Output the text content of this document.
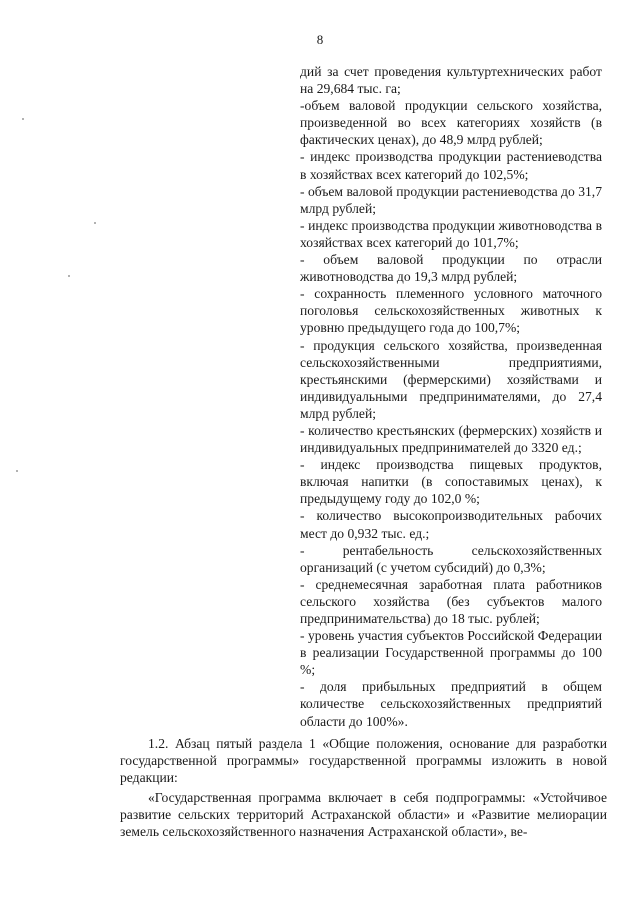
8

дий за счет проведения культуртехнических работ на 29,684 тыс. га;

-объем валовой продукции сельского хозяйства, произведенной во всех категориях хозяйств (в фактических ценах), до 48,9 млрд рублей;

- индекс производства продукции растениеводства в хозяйствах всех категорий до 102,5%;

- объем валовой продукции растениеводства до 31,7 млрд рублей;

- индекс производства продукции животноводства в хозяйствах всех категорий до 101,7%;

- объем валовой продукции по отрасли животноводства до 19,3 млрд рублей;

- сохранность племенного условного маточного поголовья сельскохозяйственных животных к уровню предыдущего года до 100,7%;

- продукция сельского хозяйства, произведенная сельскохозяйственными предприятиями, крестьянскими (фермерскими) хозяйствами и индивидуальными предпринимателями, до 27,4 млрд рублей;

- количество крестьянских (фермерских) хозяйств и индивидуальных предпринимателей до 3320 ед.;

- индекс производства пищевых продуктов, включая напитки (в сопоставимых ценах), к предыдущему году до 102,0 %;

- количество высокопроизводительных рабочих мест до 0,932 тыс. ед.;

- рентабельность сельскохозяйственных организаций (с учетом субсидий) до 0,3%;

- среднемесячная заработная плата работников сельского хозяйства (без субъектов малого предпринимательства) до 18 тыс. рублей;

- уровень участия субъектов Российской Федерации в реализации Государственной программы до 100 %;

- доля прибыльных предприятий в общем количестве сельскохозяйственных предприятий области до 100%».

1.2. Абзац пятый раздела 1 «Общие положения, основание для разработки государственной программы» государственной программы изложить в новой редакции:

«Государственная программа включает в себя подпрограммы: «Устойчивое развитие сельских территорий Астраханской области» и «Развитие мелиорации земель сельскохозяйственного назначения Астраханской области», ве-
